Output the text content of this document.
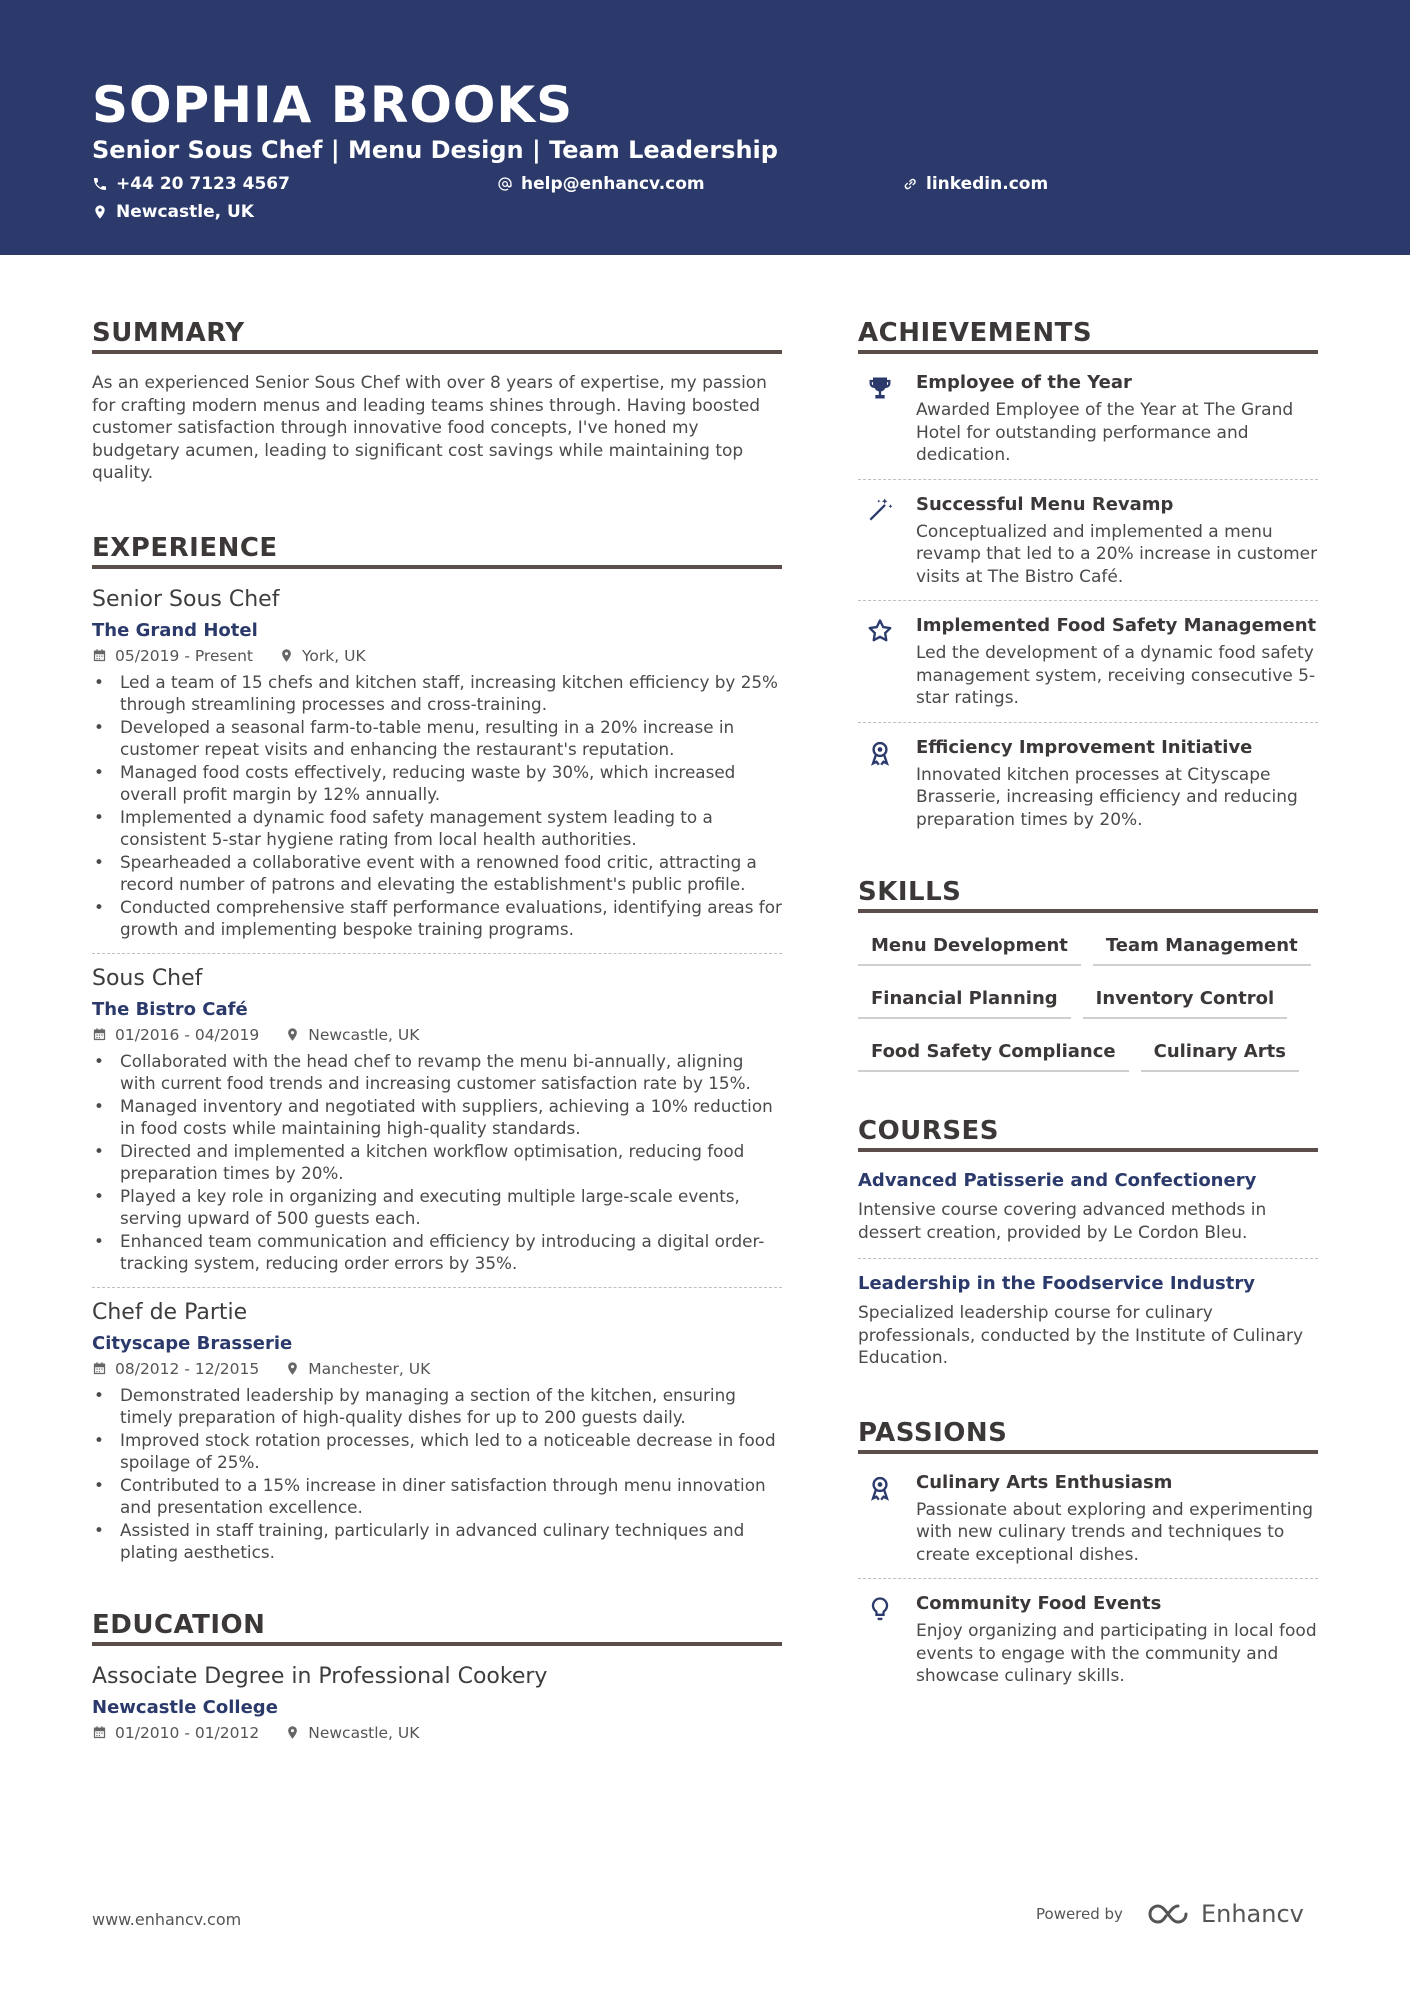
SOPHIA BROOKS
Senior Sous Chef | Menu Design | Team Leadership
+44 20 7123 4567	help@enhancv.com	linkedin.com
Newcastle, UK
SUMMARY
As an experienced Senior Sous Chef with over 8 years of expertise, my passion for crafting modern menus and leading teams shines through. Having boosted customer satisfaction through innovative food concepts, I've honed my budgetary acumen, leading to significant cost savings while maintaining top quality.
EXPERIENCE
Senior Sous Chef
The Grand Hotel
05/2019 - Present	York, UK
• Led a team of 15 chefs and kitchen staff, increasing kitchen efficiency by 25% through streamlining processes and cross-training.
• Developed a seasonal farm-to-table menu, resulting in a 20% increase in customer repeat visits and enhancing the restaurant's reputation.
• Managed food costs effectively, reducing waste by 30%, which increased overall profit margin by 12% annually.
• Implemented a dynamic food safety management system leading to a consistent 5-star hygiene rating from local health authorities.
• Spearheaded a collaborative event with a renowned food critic, attracting a record number of patrons and elevating the establishment's public profile.
• Conducted comprehensive staff performance evaluations, identifying areas for growth and implementing bespoke training programs.
Sous Chef
The Bistro Café
01/2016 - 04/2019	Newcastle, UK
• Collaborated with the head chef to revamp the menu bi-annually, aligning with current food trends and increasing customer satisfaction rate by 15%.
• Managed inventory and negotiated with suppliers, achieving a 10% reduction in food costs while maintaining high-quality standards.
• Directed and implemented a kitchen workflow optimisation, reducing food preparation times by 20%.
• Played a key role in organizing and executing multiple large-scale events, serving upward of 500 guests each.
• Enhanced team communication and efficiency by introducing a digital order-tracking system, reducing order errors by 35%.
Chef de Partie
Cityscape Brasserie
08/2012 - 12/2015	Manchester, UK
• Demonstrated leadership by managing a section of the kitchen, ensuring timely preparation of high-quality dishes for up to 200 guests daily.
• Improved stock rotation processes, which led to a noticeable decrease in food spoilage of 25%.
• Contributed to a 15% increase in diner satisfaction through menu innovation and presentation excellence.
• Assisted in staff training, particularly in advanced culinary techniques and plating aesthetics.
EDUCATION
Associate Degree in Professional Cookery
Newcastle College
01/2010 - 01/2012	Newcastle, UK
ACHIEVEMENTS
Employee of the Year
Awarded Employee of the Year at The Grand Hotel for outstanding performance and dedication.
Successful Menu Revamp
Conceptualized and implemented a menu revamp that led to a 20% increase in customer visits at The Bistro Café.
Implemented Food Safety Management
Led the development of a dynamic food safety management system, receiving consecutive 5-star ratings.
Efficiency Improvement Initiative
Innovated kitchen processes at Cityscape Brasserie, increasing efficiency and reducing preparation times by 20%.
SKILLS
Menu Development	Team Management
Financial Planning	Inventory Control
Food Safety Compliance	Culinary Arts
COURSES
Advanced Patisserie and Confectionery
Intensive course covering advanced methods in dessert creation, provided by Le Cordon Bleu.
Leadership in the Foodservice Industry
Specialized leadership course for culinary professionals, conducted by the Institute of Culinary Education.
PASSIONS
Culinary Arts Enthusiasm
Passionate about exploring and experimenting with new culinary trends and techniques to create exceptional dishes.
Community Food Events
Enjoy organizing and participating in local food events to engage with the community and showcase culinary skills.
www.enhancv.com	Powered by	Enhancv
